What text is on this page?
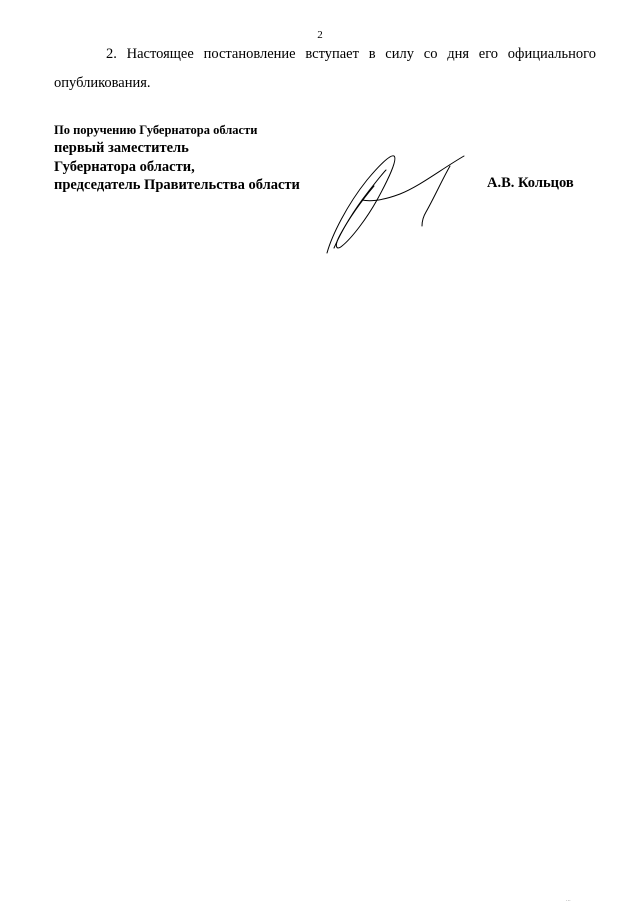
2
2. Настоящее постановление вступает в силу со дня его официального
опубликования.
По поручению Губернатора области
первый заместитель
Губернатора области,
председатель Правительства области	А.В. Кольцов
...
